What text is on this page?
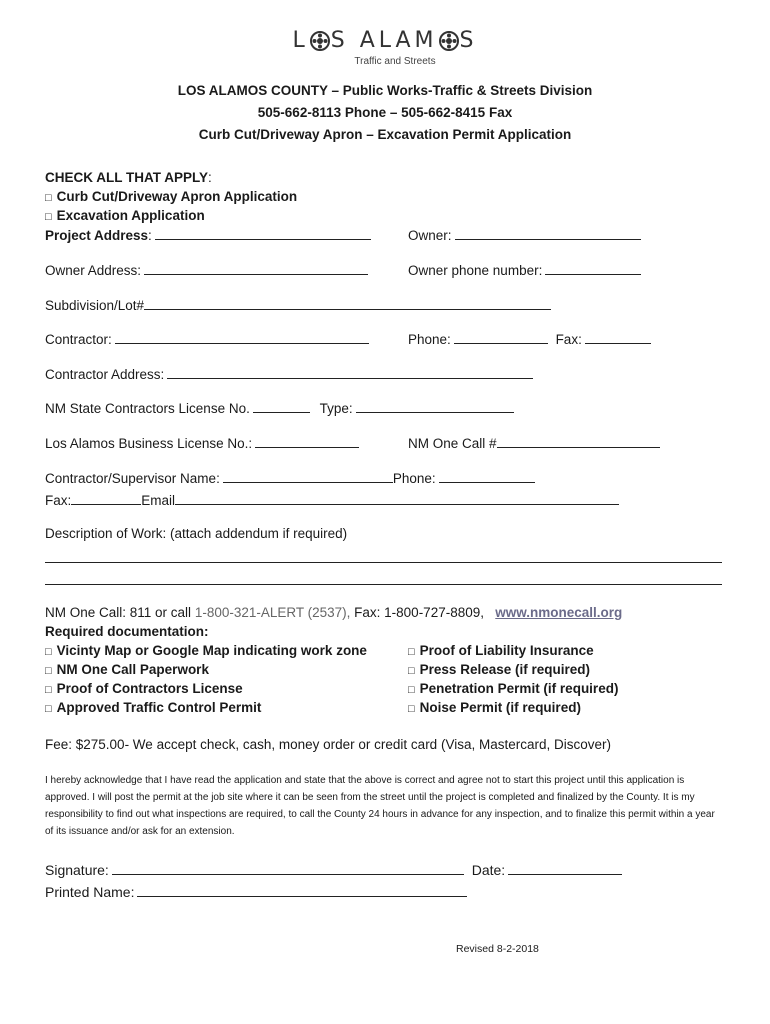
L S ALAM S
Traffic and Streets
LOS ALAMOS COUNTY – Public Works-Traffic & Streets Division
505-662-8113 Phone – 505-662-8415 Fax
Curb Cut/Driveway Apron – Excavation Permit Application
CHECK ALL THAT APPLY:
□ Curb Cut/Driveway Apron Application
□ Excavation Application
Project Address:	Owner:
Owner Address:	Owner phone number:
Subdivision/Lot#
Contractor:	Phone:	Fax:
Contractor Address:
NM State Contractors License No.	Type:
Los Alamos Business License No.:	NM One Call #
Contractor/Supervisor Name:	Phone:
Fax:	Email
Description of Work: (attach addendum if required)
NM One Call: 811 or call 1-800-321-ALERT (2537), Fax: 1-800-727-8809, www.nmonecall.org
Required documentation:
□ Vicinty Map or Google Map indicating work zone
□ NM One Call Paperwork
□ Proof of Contractors License
□ Approved Traffic Control Permit
□ Proof of Liability Insurance
□ Press Release (if required)
□ Penetration Permit (if required)
□ Noise Permit (if required)
Fee: $275.00- We accept check, cash, money order or credit card (Visa, Mastercard, Discover)
I hereby acknowledge that I have read the application and state that the above is correct and agree not to start this project until this application is approved. I will post the permit at the job site where it can be seen from the street until the project is completed and finalized by the County. It is my responsibility to find out what inspections are required, to call the County 24 hours in advance for any inspection, and to finalize this permit within a year of its issuance and/or ask for an extension.
Signature:	Date:
Printed Name:
Revised 8-2-2018
